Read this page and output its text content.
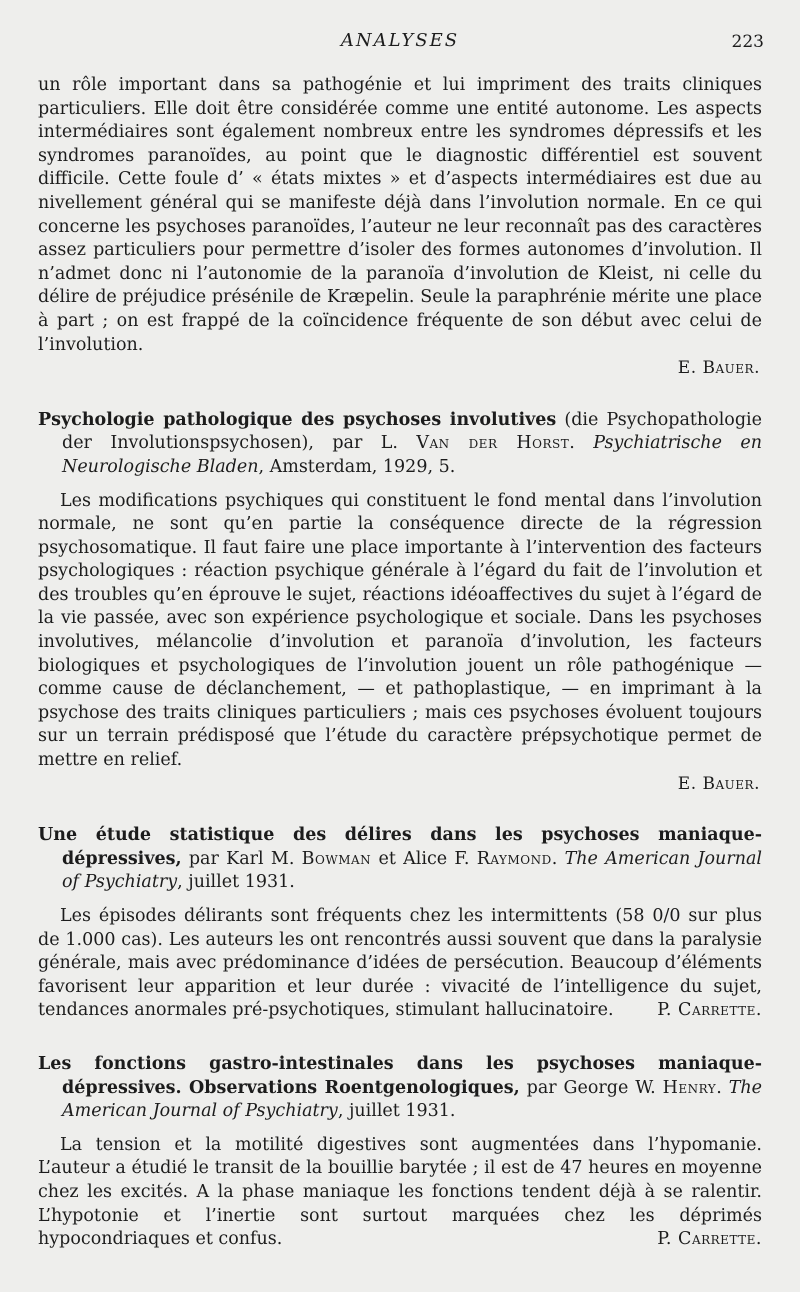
ANALYSES	223

un rôle important dans sa pathogénie et lui impriment des traits cliniques particuliers. Elle doit être considérée comme une entité autonome. Les aspects intermédiaires sont également nombreux entre les syndromes dépressifs et les syndromes paranoïdes, au point que le diagnostic différentiel est souvent difficile. Cette foule d’ « états mixtes » et d’aspects intermédiaires est due au nivellement général qui se manifeste déjà dans l’involution normale. En ce qui concerne les psychoses paranoïdes, l’auteur ne leur reconnaît pas des caractères assez particuliers pour permettre d’isoler des formes autonomes d’involution. Il n’admet donc ni l’autonomie de la paranoïa d’involution de Kleist, ni celle du délire de préjudice présénile de Kræpelin. Seule la paraphrénie mérite une place à part ; on est frappé de la coïncidence fréquente de son début avec celui de l’involution.

E. Bauer.
Psychologie pathologique des psychoses involutives (die Psychopathologie der Involutionspsychosen), par L. Van der Horst. Psychiatrische en Neurologische Bladen, Amsterdam, 1929, 5.

Les modifications psychiques qui constituent le fond mental dans l’involution normale, ne sont qu’en partie la conséquence directe de la régression psychosomatique. Il faut faire une place importante à l’intervention des facteurs psychologiques : réaction psychique générale à l’égard du fait de l’involution et des troubles qu’en éprouve le sujet, réactions idéoaffectives du sujet à l’égard de la vie passée, avec son expérience psychologique et sociale. Dans les psychoses involutives, mélancolie d’involution et paranoïa d’involution, les facteurs biologiques et psychologiques de l’involution jouent un rôle pathogénique — comme cause de déclanchement, — et pathoplastique, — en imprimant à la psychose des traits cliniques particuliers ; mais ces psychoses évoluent toujours sur un terrain prédisposé que l’étude du caractère prépsychotique permet de mettre en relief.

E. Bauer.
Une étude statistique des délires dans les psychoses maniaque-dépressives, par Karl M. Bowman et Alice F. Raymond. The American Journal of Psychiatry, juillet 1931.

Les épisodes délirants sont fréquents chez les intermittents (58 0/0 sur plus de 1.000 cas). Les auteurs les ont rencontrés aussi souvent que dans la paralysie générale, mais avec prédominance d’idées de persécution. Beaucoup d’éléments favorisent leur apparition et leur durée : vivacité de l’intelligence du sujet, tendances anormales pré-psychotiques, stimulant hallucinatoire.	P. Carrette.

Les fonctions gastro-intestinales dans les psychoses maniaque-dépressives. Observations Roentgenologiques, par George W. Henry. The American Journal of Psychiatry, juillet 1931.

La tension et la motilité digestives sont augmentées dans l’hypomanie. L’auteur a étudié le transit de la bouillie barytée ; il est de 47 heures en moyenne chez les excités. A la phase maniaque les fonctions tendent déjà à se ralentir. L’hypotonie et l’inertie sont surtout marquées chez les déprimés hypocondriaques et confus.	P. Carrette.
